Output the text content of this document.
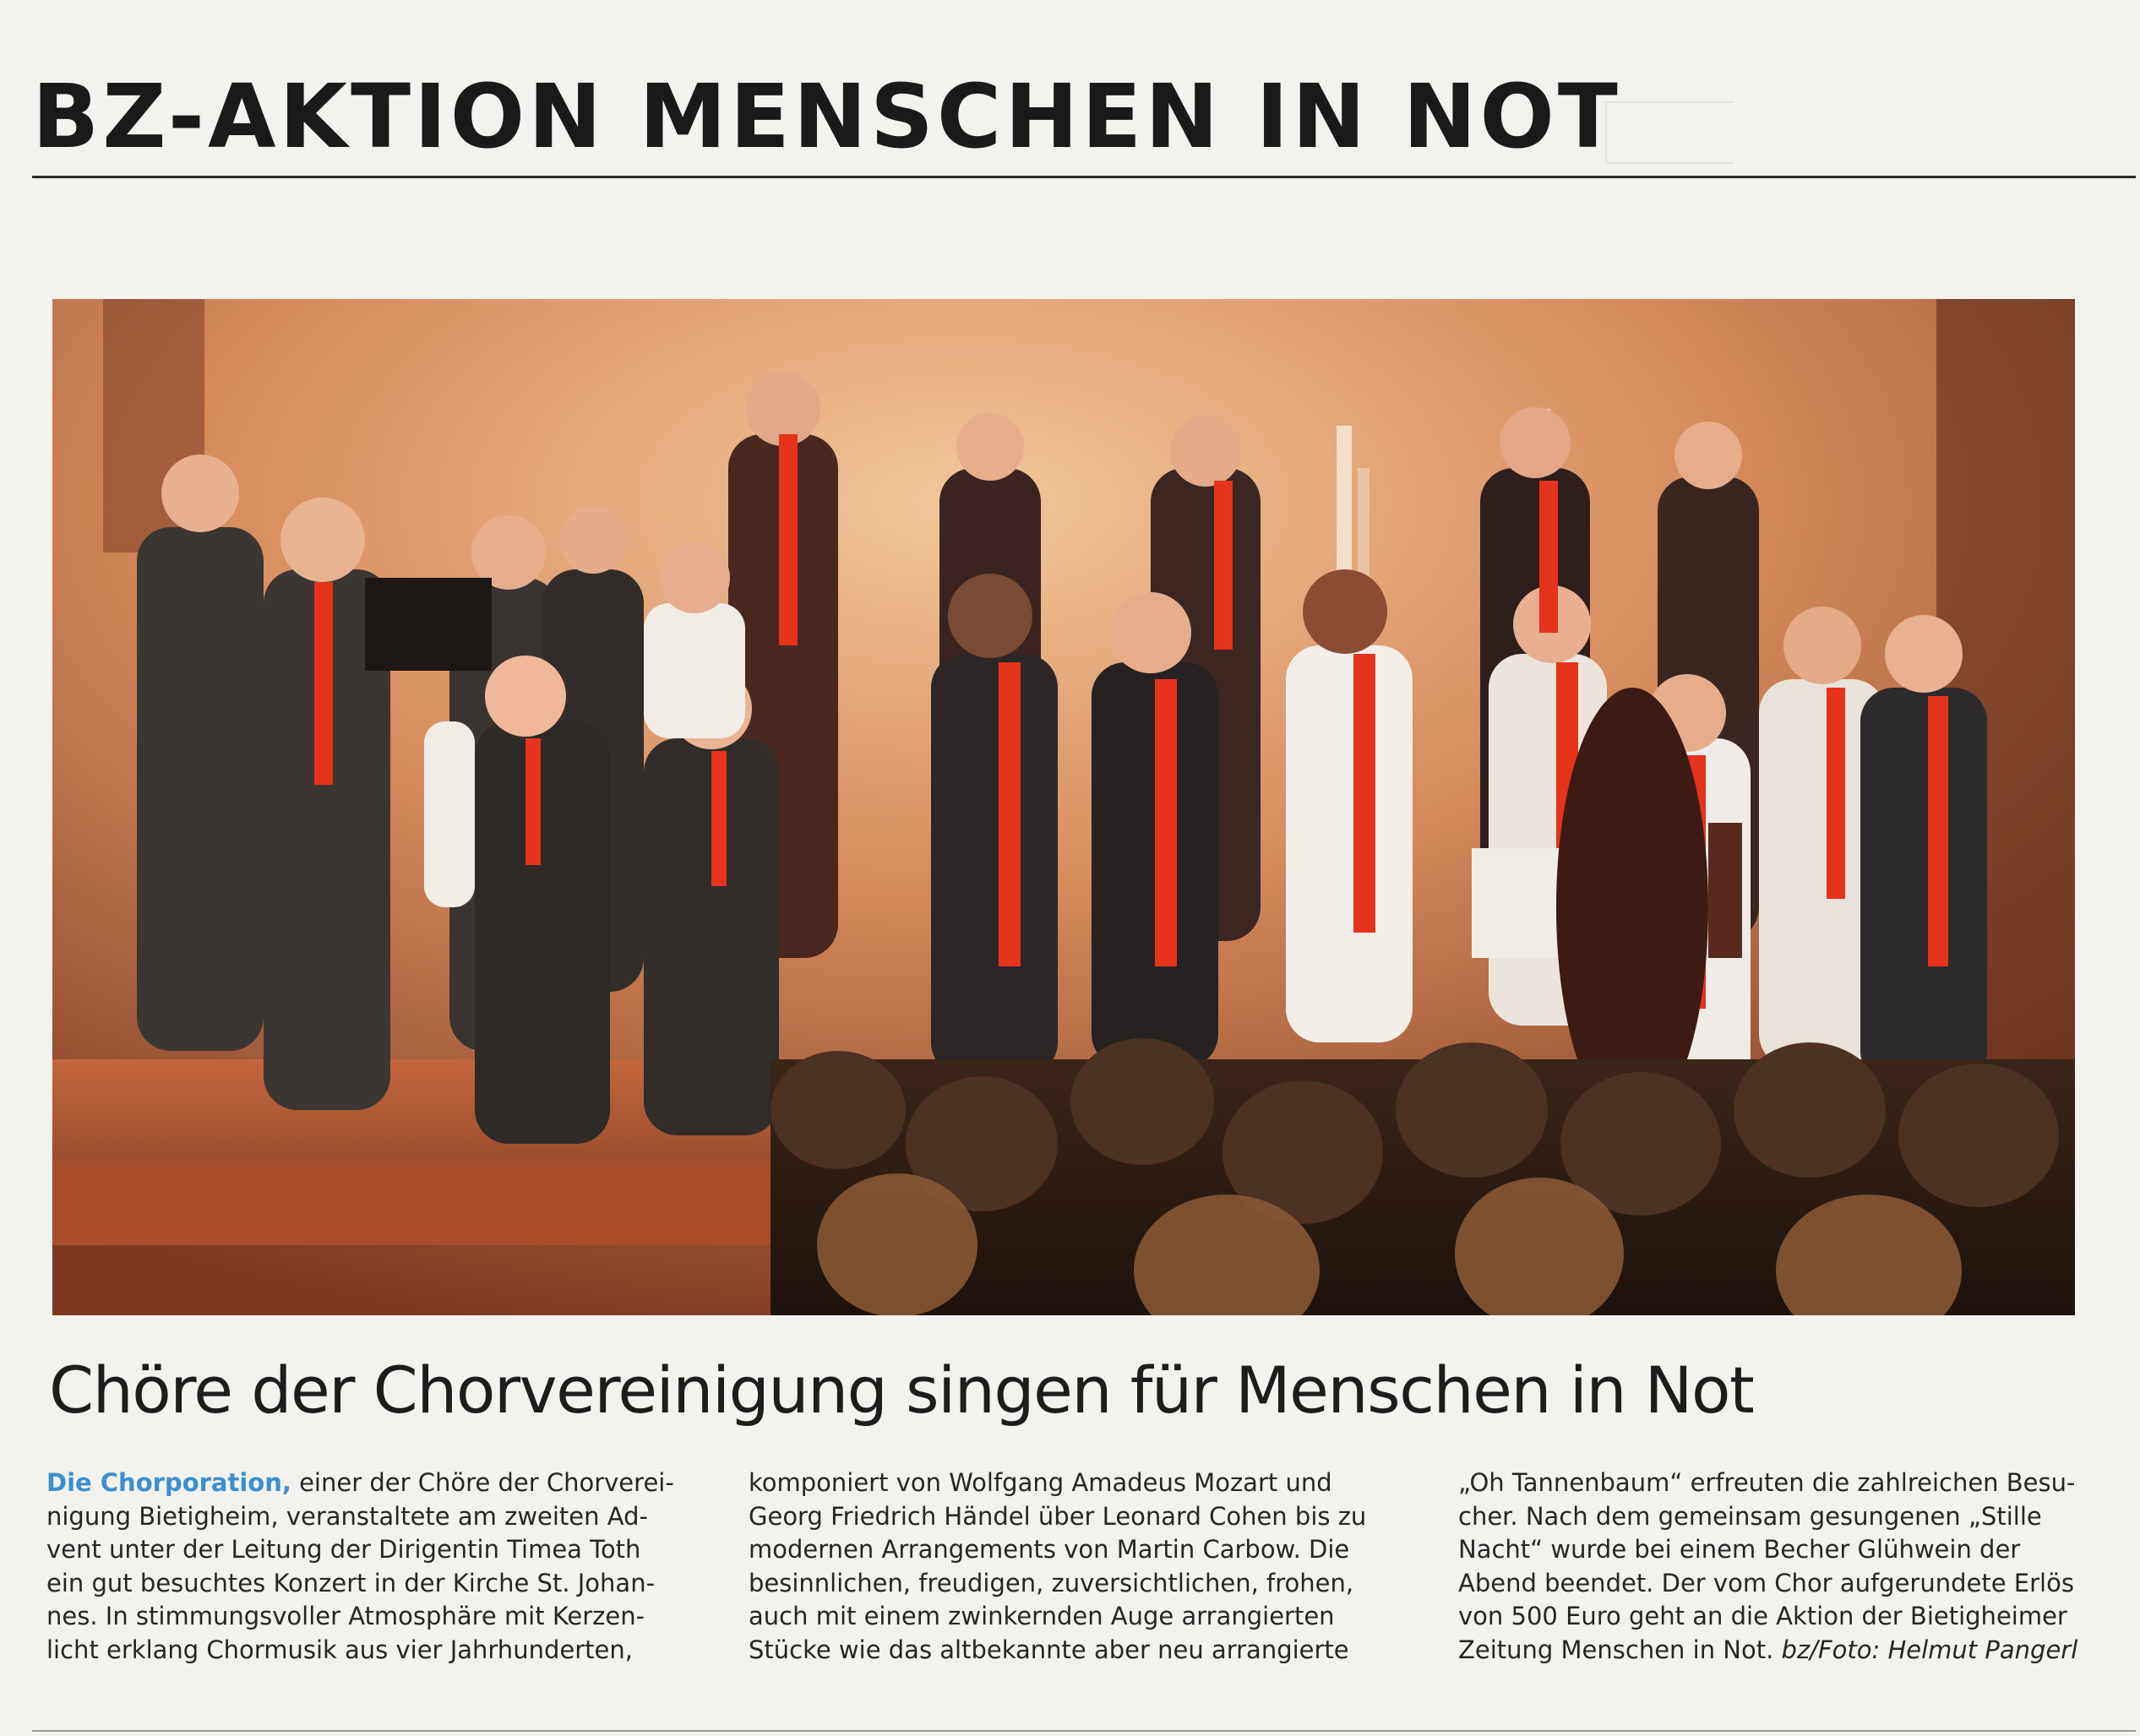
BZ-AKTION MENSCHEN IN NOT
Chöre der Chorvereinigung singen für Menschen in Not
Die Chorporation, einer der Chöre der Chorverei-
nigung Bietigheim, veranstaltete am zweiten Ad-
vent unter der Leitung der Dirigentin Timea Toth
ein gut besuchtes Konzert in der Kirche St. Johan-
nes. In stimmungsvoller Atmosphäre mit Kerzen-
licht erklang Chormusik aus vier Jahrhunderten,
komponiert von Wolfgang Amadeus Mozart und
Georg Friedrich Händel über Leonard Cohen bis zu
modernen Arrangements von Martin Carbow. Die
besinnlichen, freudigen, zuversichtlichen, frohen,
auch mit einem zwinkernden Auge arrangierten
Stücke wie das altbekannte aber neu arrangierte
„Oh Tannenbaum“ erfreuten die zahlreichen Besu-
cher. Nach dem gemeinsam gesungenen „Stille
Nacht“ wurde bei einem Becher Glühwein der
Abend beendet. Der vom Chor aufgerundete Erlös
von 500 Euro geht an die Aktion der Bietigheimer
Zeitung Menschen in Not. bz/Foto: Helmut Pangerl
